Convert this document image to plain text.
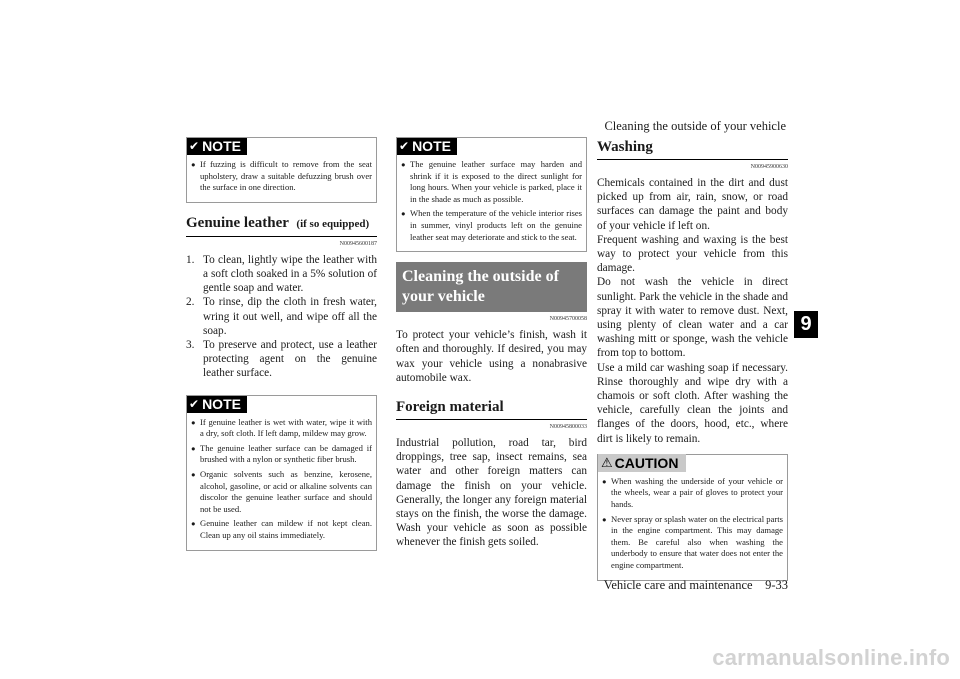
Cleaning the outside of your vehicle
9
✔ NOTE
● If fuzzing is difficult to remove from the seat upholstery, draw a suitable defuzzing brush over the surface in one direction.
Genuine leather (if so equipped)
N00945600187
1. To clean, lightly wipe the leather with a soft cloth soaked in a 5% solution of gentle soap and water.
2. To rinse, dip the cloth in fresh water, wring it out well, and wipe off all the soap.
3. To preserve and protect, use a leather protecting agent on the genuine leather surface.
✔ NOTE
● If genuine leather is wet with water, wipe it with a dry, soft cloth. If left damp, mildew may grow.
● The genuine leather surface can be damaged if brushed with a nylon or synthetic fiber brush.
● Organic solvents such as benzine, kerosene, alcohol, gasoline, or acid or alkaline solvents can discolor the genuine leather surface and should not be used.
● Genuine leather can mildew if not kept clean. Clean up any oil stains immediately.
✔ NOTE
● The genuine leather surface may harden and shrink if it is exposed to the direct sunlight for long hours. When your vehicle is parked, place it in the shade as much as possible.
● When the temperature of the vehicle interior rises in summer, vinyl products left on the genuine leather seat may deteriorate and stick to the seat.
Cleaning the outside of your vehicle
N00945700058

To protect your vehicle’s finish, wash it often and thoroughly. If desired, you may wax your vehicle using a nonabrasive automobile wax.

Foreign material
N00945800033

Industrial pollution, road tar, bird droppings, tree sap, insect remains, sea water and other foreign matters can damage the finish on your vehicle. Generally, the longer any foreign material stays on the finish, the worse the damage. Wash your vehicle as soon as possible whenever the finish gets soiled.

Washing
N00945900630

Chemicals contained in the dirt and dust picked up from air, rain, snow, or road surfaces can damage the paint and body of your vehicle if left on.

Frequent washing and waxing is the best way to protect your vehicle from this damage.

Do not wash the vehicle in direct sunlight. Park the vehicle in the shade and spray it with water to remove dust. Next, using plenty of clean water and a car washing mitt or sponge, wash the vehicle from top to bottom.

Use a mild car washing soap if necessary. Rinse thoroughly and wipe dry with a chamois or soft cloth. After washing the vehicle, carefully clean the joints and flanges of the doors, hood, etc., where dirt is likely to remain.

⚠ CAUTION
● When washing the underside of your vehicle or the wheels, wear a pair of gloves to protect your hands.
● Never spray or splash water on the electrical parts in the engine compartment. This may damage them. Be careful also when washing the underbody to ensure that water does not enter the engine compartment.
Vehicle care and maintenance 9-33
carmanualsonline.info
